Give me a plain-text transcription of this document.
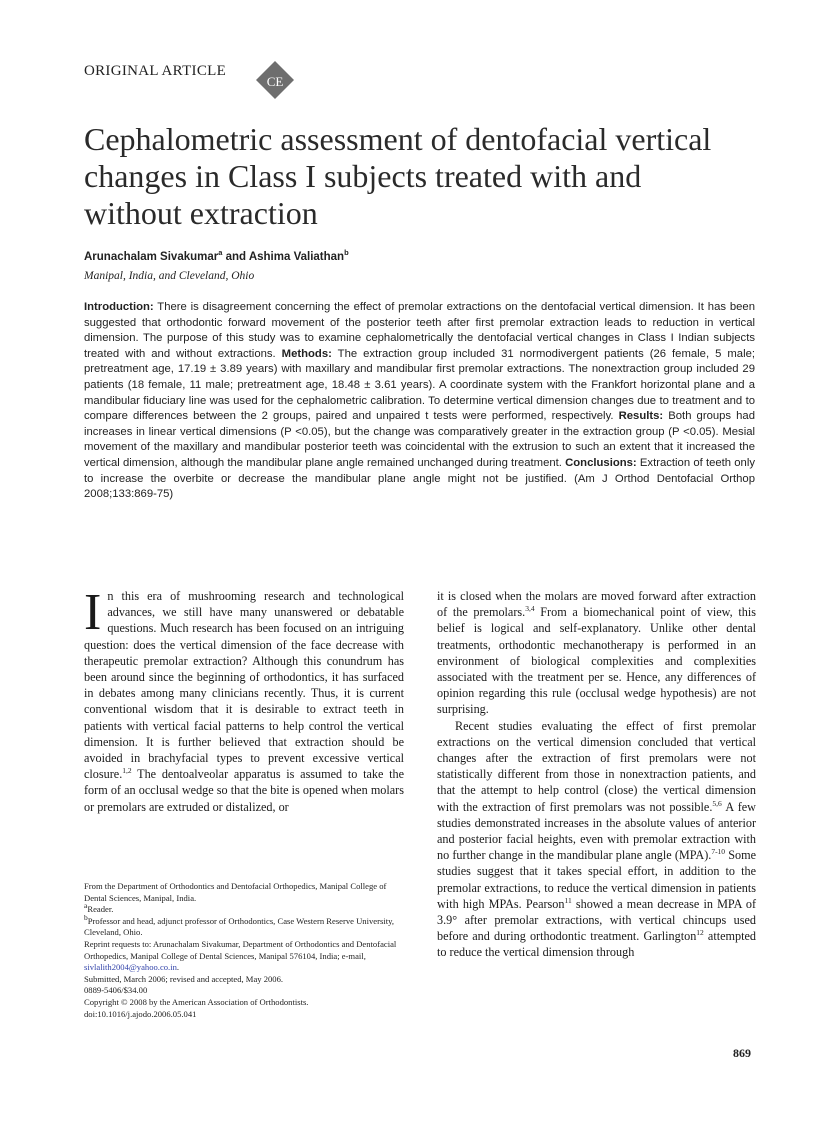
ORIGINAL ARTICLE
CE
Cephalometric assessment of dentofacial vertical changes in Class I subjects treated with and without extraction
Arunachalam Sivakumar$^a$ and Ashima Valiathan$^b$
Manipal, India, and Cleveland, Ohio

Introduction: There is disagreement concerning the effect of premolar extractions on the dentofacial vertical dimension. It has been suggested that orthodontic forward movement of the posterior teeth after first premolar extraction leads to reduction in vertical dimension. The purpose of this study was to examine cephalometrically the dentofacial vertical changes in Class I Indian subjects treated with and without extractions. Methods: The extraction group included 31 normodivergent patients (26 female, 5 male; pretreatment age, 17.19 ± 3.89 years) with maxillary and mandibular first premolar extractions. The nonextraction group included 29 patients (18 female, 11 male; pretreatment age, 18.48 ± 3.61 years). A coordinate system with the Frankfort horizontal plane and a mandibular fiduciary line was used for the cephalometric calibration. To determine vertical dimension changes due to treatment and to compare differences between the 2 groups, paired and unpaired t tests were performed, respectively. Results: Both groups had increases in linear vertical dimensions (P <0.05), but the change was comparatively greater in the extraction group (P <0.05). Mesial movement of the maxillary and mandibular posterior teeth was coincidental with the extrusion to such an extent that it increased the vertical dimension, although the mandibular plane angle remained unchanged during treatment. Conclusions: Extraction of teeth only to increase the overbite or decrease the mandibular plane angle might not be justified. (Am J Orthod Dentofacial Orthop 2008;133:869-75)

In this era of mushrooming research and technological advances, we still have many unanswered or debatable questions. Much research has been focused on an intriguing question: does the vertical dimension of the face decrease with therapeutic premolar extraction? Although this conundrum has been around since the beginning of orthodontics, it has surfaced in debates among many clinicians recently. Thus, it is current conventional wisdom that it is desirable to extract teeth in patients with vertical facial patterns to help control the vertical dimension. It is further believed that extraction should be avoided in brachyfacial types to prevent excessive vertical closure.$^{1,2}$ The dentoalveolar apparatus is assumed to take the form of an occlusal wedge so that the bite is opened when molars or premolars are extruded or distalized, or

it is closed when the molars are moved forward after extraction of the premolars.$^{3,4}$ From a biomechanical point of view, this belief is logical and self-explanatory. Unlike other dental treatments, orthodontic mechanotherapy is performed in an environment of biological complexities and complexities associated with the treatment per se. Hence, any differences of opinion regarding this rule (occlusal wedge hypothesis) are not surprising.

Recent studies evaluating the effect of first premolar extractions on the vertical dimension concluded that vertical changes after the extraction of first premolars were not statistically different from those in nonextraction patients, and that the attempt to help control (close) the vertical dimension with the extraction of first premolars was not possible.$^{5,6}$ A few studies demonstrated increases in the absolute values of anterior and posterior facial heights, even with premolar extraction with no further change in the mandibular plane angle (MPA).$^{7-10}$ Some studies suggest that it takes special effort, in addition to the premolar extractions, to reduce the vertical dimension in patients with high MPAs. Pearson$^{11}$ showed a mean decrease in MPA of 3.9° after premolar extractions, with vertical chincups used before and during orthodontic treatment. Garlington$^{12}$ attempted to reduce the vertical dimension through

From the Department of Orthodontics and Dentofacial Orthopedics, Manipal College of Dental Sciences, Manipal, India.
$^a$Reader.
$^b$Professor and head, adjunct professor of Orthodontics, Case Western Reserve University, Cleveland, Ohio.
Reprint requests to: Arunachalam Sivakumar, Department of Orthodontics and Dentofacial Orthopedics, Manipal College of Dental Sciences, Manipal 576104, India; e-mail, sivlalith2004@yahoo.co.in.
Submitted, March 2006; revised and accepted, May 2006.
0889-5406/$34.00
Copyright © 2008 by the American Association of Orthodontists.
doi:10.1016/j.ajodo.2006.05.041
869
